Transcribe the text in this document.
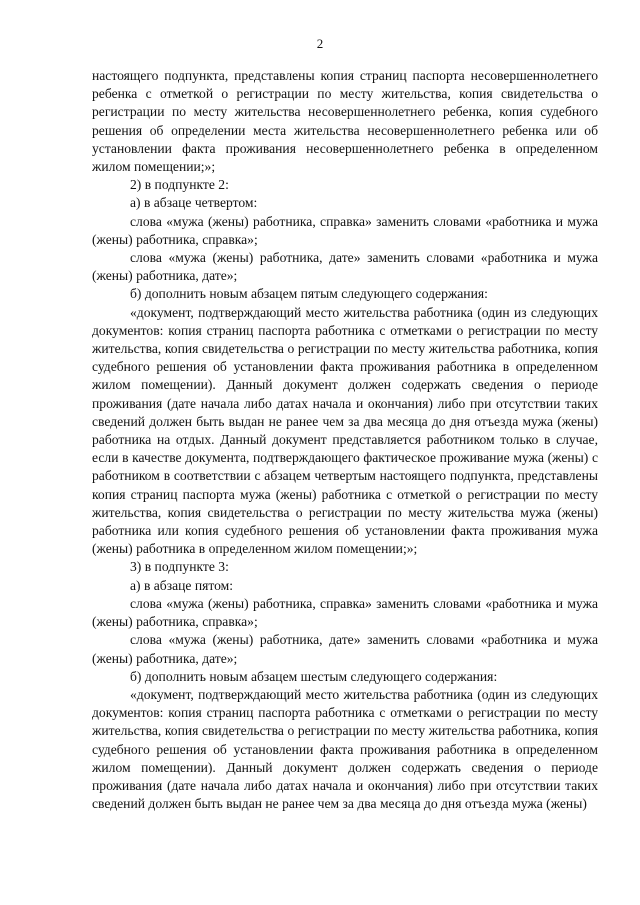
2

настоящего подпункта, представлены копия страниц паспорта несовершеннолетнего ребенка с отметкой о регистрации по месту жительства, копия свидетельства о регистрации по месту жительства несовершеннолетнего ребенка, копия судебного решения об определении места жительства несовершеннолетнего ребенка или об установлении факта проживания несовершеннолетнего ребенка в определенном жилом помещении;»;

2) в подпункте 2:

а) в абзаце четвертом:

слова «мужа (жены) работника, справка» заменить словами «работника и мужа (жены) работника, справка»;

слова «мужа (жены) работника, дате» заменить словами «работника и мужа (жены) работника, дате»;

б) дополнить новым абзацем пятым следующего содержания:

«документ, подтверждающий место жительства работника (один из следующих документов: копия страниц паспорта работника с отметками о регистрации по месту жительства, копия свидетельства о регистрации по месту жительства работника, копия судебного решения об установлении факта проживания работника в определенном жилом помещении). Данный документ должен содержать сведения о периоде проживания (дате начала либо датах начала и окончания) либо при отсутствии таких сведений должен быть выдан не ранее чем за два месяца до дня отъезда мужа (жены) работника на отдых. Данный документ представляется работником только в случае, если в качестве документа, подтверждающего фактическое проживание мужа (жены) с работником в соответствии с абзацем четвертым настоящего подпункта, представлены копия страниц паспорта мужа (жены) работника с отметкой о регистрации по месту жительства, копия свидетельства о регистрации по месту жительства мужа (жены) работника или копия судебного решения об установлении факта проживания мужа (жены) работника в определенном жилом помещении;»;

3) в подпункте 3:

а) в абзаце пятом:

слова «мужа (жены) работника, справка» заменить словами «работника и мужа (жены) работника, справка»;

слова «мужа (жены) работника, дате» заменить словами «работника и мужа (жены) работника, дате»;

б) дополнить новым абзацем шестым следующего содержания:

«документ, подтверждающий место жительства работника (один из следующих документов: копия страниц паспорта работника с отметками о регистрации по месту жительства, копия свидетельства о регистрации по месту жительства работника, копия судебного решения об установлении факта проживания работника в определенном жилом помещении). Данный документ должен содержать сведения о периоде проживания (дате начала либо датах начала и окончания) либо при отсутствии таких сведений должен быть выдан не ранее чем за два месяца до дня отъезда мужа (жены)
